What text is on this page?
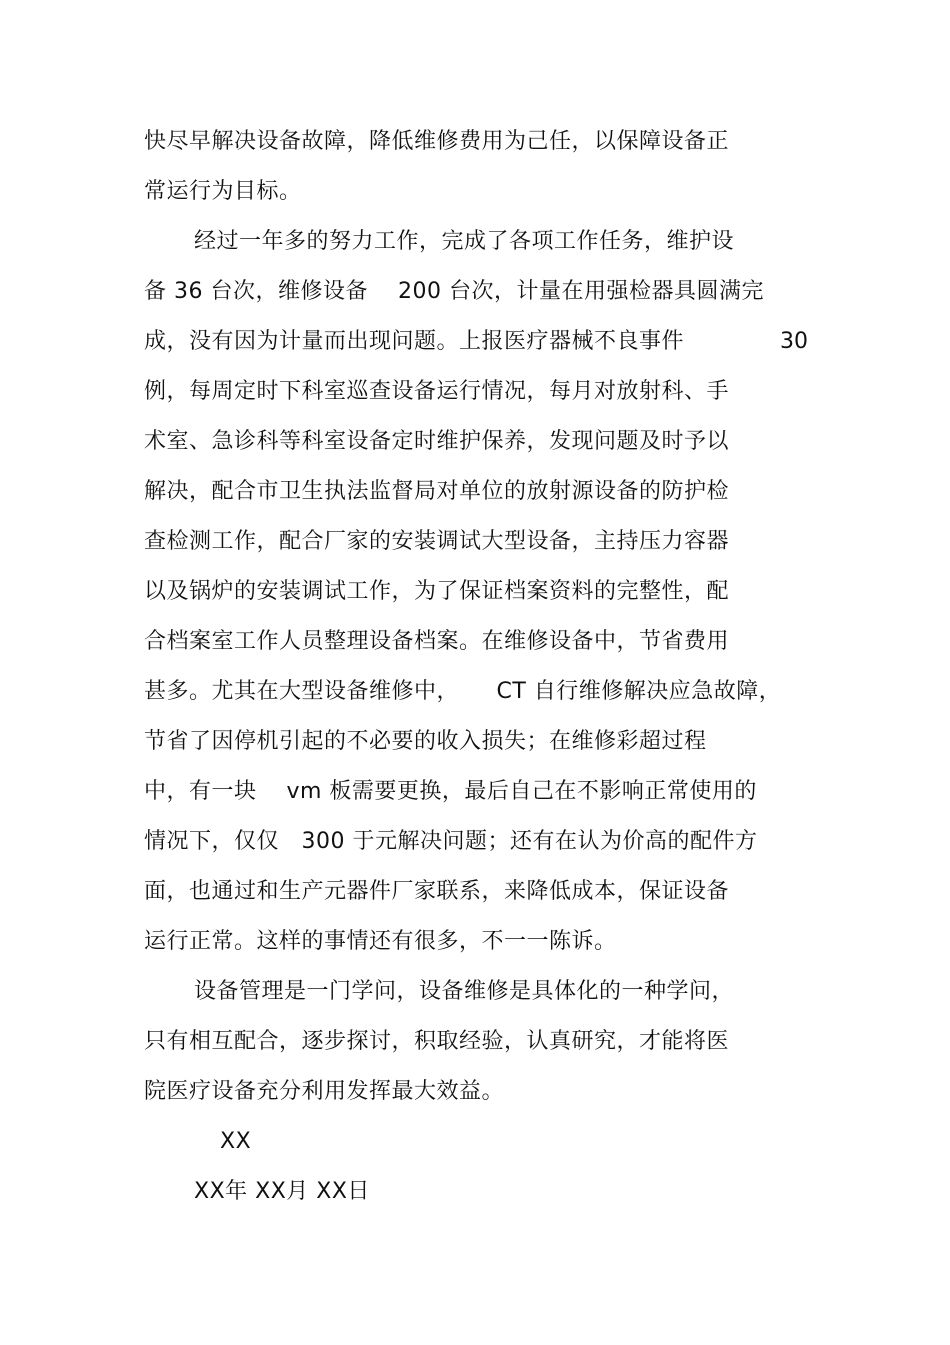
快尽早解决设备故障，降低维修费用为己任，以保障设备正
常运行为目标。
经过一年多的努力工作，完成了各项工作任务，维护设
备 36 台次，维修设备    200 台次，计量在用强检器具圆满完
成，没有因为计量而出现问题。上报医疗器械不良事件	30
例，每周定时下科室巡查设备运行情况，每月对放射科、手
术室、急诊科等科室设备定时维护保养，发现问题及时予以
解决，配合市卫生执法监督局对单位的放射源设备的防护检
查检测工作，配合厂家的安装调试大型设备，主持压力容器
以及锅炉的安装调试工作，为了保证档案资料的完整性，配
合档案室工作人员整理设备档案。在维修设备中，节省费用
甚多。尤其在大型设备维修中，     CT 自行维修解决应急故障，
节省了因停机引起的不必要的收入损失；在维修彩超过程
中，有一块    vm 板需要更换，最后自己在不影响正常使用的
情况下，仅仅   300 于元解决问题；还有在认为价高的配件方
面，也通过和生产元器件厂家联系，来降低成本，保证设备
运行正常。这样的事情还有很多，不一一陈诉。
设备管理是一门学问，设备维修是具体化的一种学问，
只有相互配合，逐步探讨，积取经验，认真研究，才能将医
院医疗设备充分利用发挥最大效益。
XX
XX年 XX月 XX日
